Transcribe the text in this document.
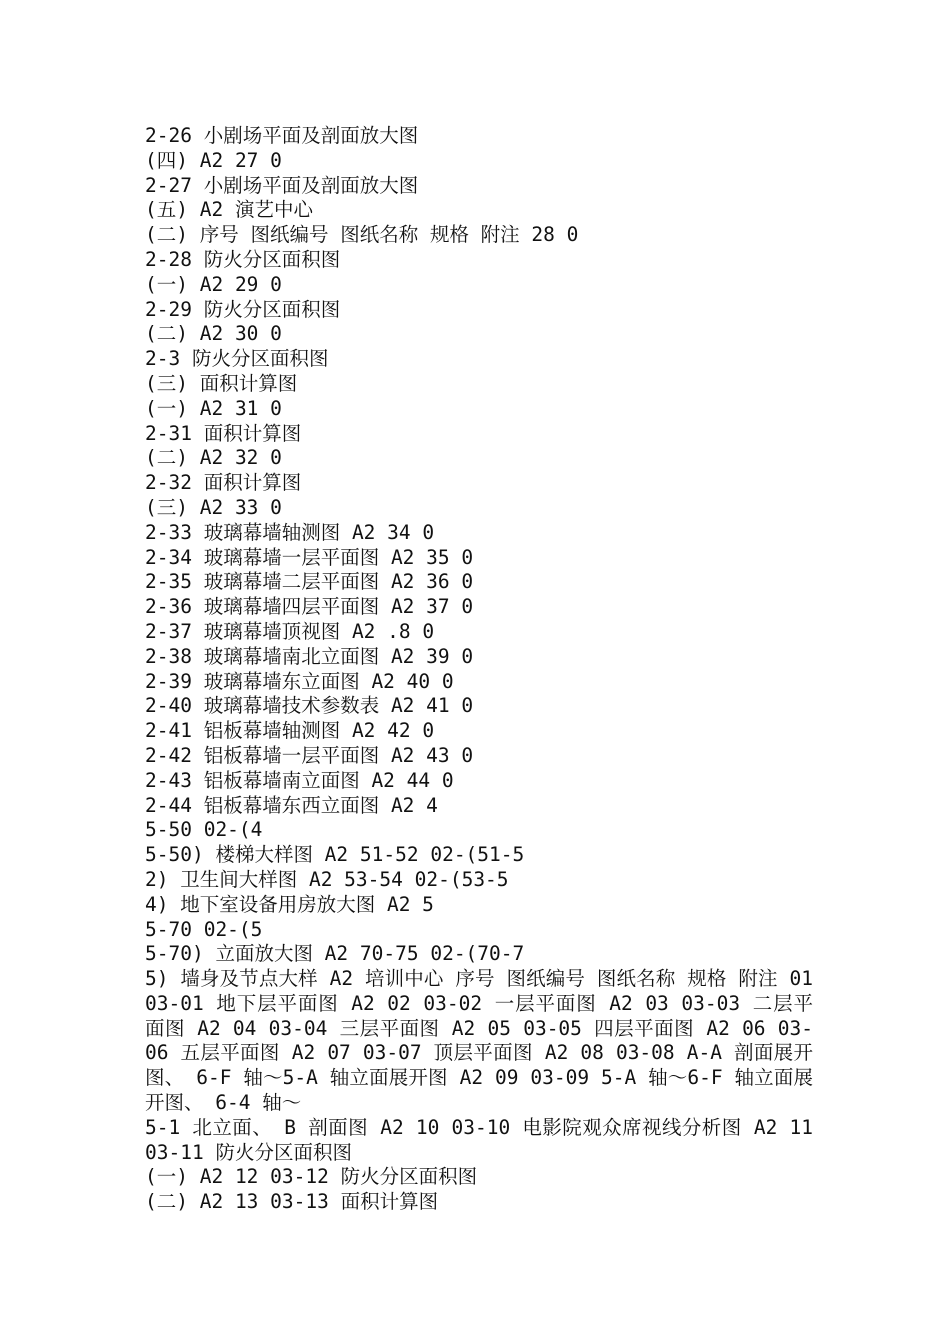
2-26 小剧场平面及剖面放大图
(四) A2 27 0
2-27 小剧场平面及剖面放大图
(五) A2 演艺中心
(二) 序号 图纸编号 图纸名称 规格 附注 28 0
2-28 防火分区面积图
(一) A2 29 0
2-29 防火分区面积图
(二) A2 30 0
2-3 防火分区面积图
(三) 面积计算图
(一) A2 31 0
2-31 面积计算图
(二) A2 32 0
2-32 面积计算图
(三) A2 33 0
2-33 玻璃幕墙轴测图 A2 34 0
2-34 玻璃幕墙一层平面图 A2 35 0
2-35 玻璃幕墙二层平面图 A2 36 0
2-36 玻璃幕墙四层平面图 A2 37 0
2-37 玻璃幕墙顶视图 A2 .8 0
2-38 玻璃幕墙南北立面图 A2 39 0
2-39 玻璃幕墙东立面图 A2 40 0
2-40 玻璃幕墙技术参数表 A2 41 0
2-41 铝板幕墙轴测图 A2 42 0
2-42 铝板幕墙一层平面图 A2 43 0
2-43 铝板幕墙南立面图 A2 44 0
2-44 铝板幕墙东西立面图 A2 4
5-50 02-(4
5-50) 楼梯大样图 A2 51-52 02-(51-5
2) 卫生间大样图 A2 53-54 02-(53-5
4) 地下室设备用房放大图 A2 5
5-70 02-(5
5-70) 立面放大图 A2 70-75 02-(70-7
5) 墙身及节点大样 A2 培训中心 序号 图纸编号 图纸名称 规格 附注 01 03-01 地下层平面图 A2 02 03-02 一层平面图 A2 03 03-03 二层平面图 A2 04 03-04 三层平面图 A2 05 03-05 四层平面图 A2 06 03-06 五层平面图 A2 07 03-07 顶层平面图 A2 08 03-08 A-A 剖面展开图、 6-F 轴～5-A 轴立面展开图 A2 09 03-09 5-A 轴～6-F 轴立面展开图、 6-4 轴～
5-1 北立面、 B 剖面图 A2 10 03-10 电影院观众席视线分析图 A2 11 03-11 防火分区面积图
(一) A2 12 03-12 防火分区面积图
(二) A2 13 03-13 面积计算图
